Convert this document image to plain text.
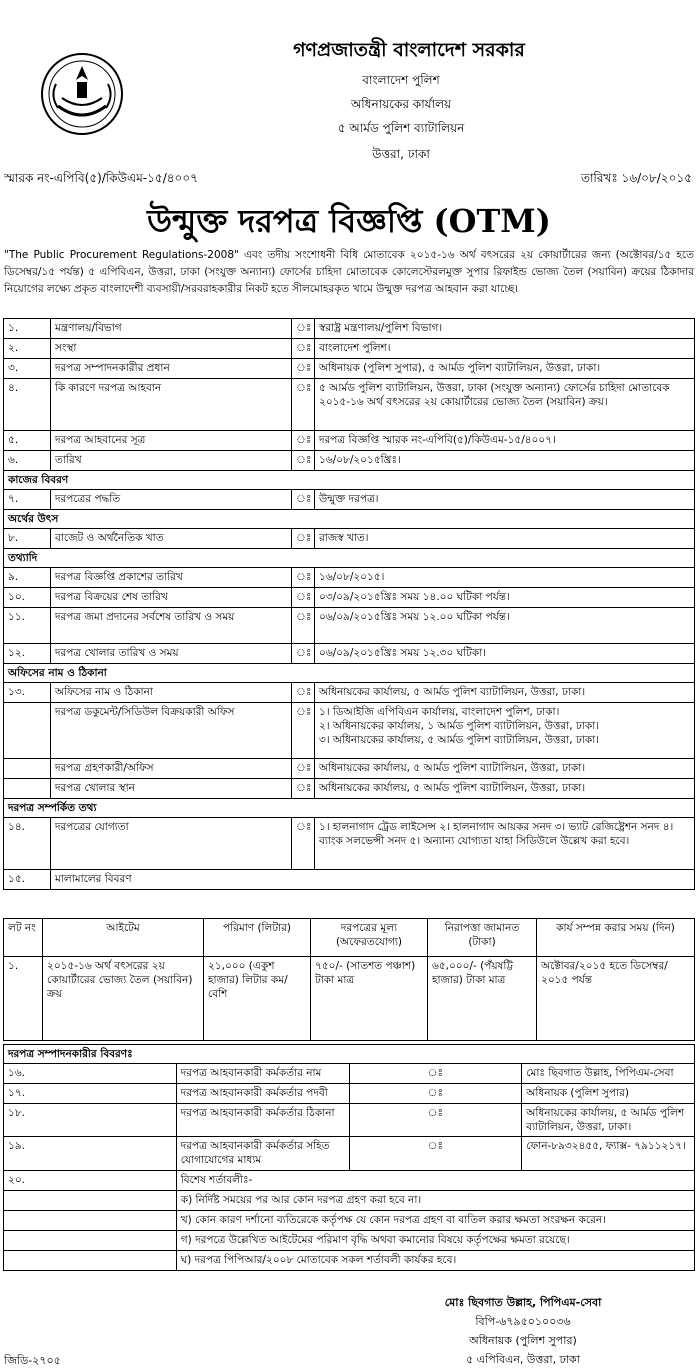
গণপ্রজাতন্ত্রী বাংলাদেশ সরকার
বাংলাদেশ পুলিশ
অধিনায়কের কার্যালয়
৫ আর্মড পুলিশ ব্যাটালিয়ন
উত্তরা, ঢাকা
স্মারক নং-এপিবি(৫)/কিউএম-১৫/৪০০৭	তারিখঃ ১৬/০৮/২০১৫
উন্মুক্ত দরপত্র বিজ্ঞপ্তি (OTM)
"The Public Procurement Regulations-2008" এবং তদীয় সংশোধনী বিধি মোতাবেক ২০১৫-১৬ অর্থ বৎসরের ২য় কোয়ার্টারের জন্য (অক্টোবর/১৫ হতে ডিসেম্বর/১৫ পর্যন্ত) ৫ এপিবিএন, উত্তরা, ঢাকা (সংযুক্ত অন্যান্য) ফোর্সের চাহিদা মোতাবেক কোলেস্টেরলমুক্ত সুপার রিফাইন্ড ভোজ্য তৈল (সয়াবিন) ক্রয়ের ঠিকাদার নিয়োগের লক্ষ্যে প্রকৃত বাংলাদেশী ব্যবসায়ী/সরবরাহকারীর নিকট হতে সীলমোহরকৃত খামে উন্মুক্ত দরপত্র আহবান করা যাচ্ছে।
১.	মন্ত্রণালয়/বিভাগ	ঃ	স্বরাষ্ট্র মন্ত্রণালয়/পুলিশ বিভাগ।
২.	সংস্থা	ঃ	বাংলাদেশ পুলিশ।
৩.	দরপত্র সম্পাদনকারীর প্রধান	ঃ	অধিনায়ক (পুলিশ সুপার), ৫ আর্মড পুলিশ ব্যাটালিয়ন, উত্তরা, ঢাকা।
৪.	কি কারণে দরপত্র আহবান	ঃ	৫ আর্মড পুলিশ ব্যাটালিয়ন, উত্তরা, ঢাকা (সংযুক্ত অন্যান্য) ফোর্সের চাহিদা মোতাবেক ২০১৫-১৬ অর্থ বৎসরের ২য় কোয়ার্টারের ভোজ্য তৈল (সয়াবিন) ক্রয়।
৫.	দরপত্র আহবানের সূত্র	ঃ	দরপত্র বিজ্ঞপ্তি স্মারক নং-এপিবি(৫)/কিউএম-১৫/৪০০৭।
৬.	তারিখ	ঃ	১৬/০৮/২০১৫খ্রিঃ।
কাজের বিবরণ			
৭.	দরপত্রের পদ্ধতি	ঃ	উন্মুক্ত দরপত্র।
অর্থের উৎস			
৮.	বাজেট ও অর্থনৈতিক খাত	ঃ	রাজস্ব খাত।
তথ্যাদি			
৯.	দরপত্র বিজ্ঞপ্তি প্রকাশের তারিখ	ঃ	১৬/০৮/২০১৫।
১০.	দরপত্র বিক্রয়ের শেষ তারিখ	ঃ	০৩/০৯/২০১৫খ্রিঃ সময় ১৪.০০ ঘটিকা পর্যন্ত।
১১.	দরপত্র জমা প্রদানের সর্বশেষ তারিখ ও সময়	ঃ	০৬/০৯/২০১৫খ্রিঃ সময় ১২.০০ ঘটিকা পর্যন্ত।
১২.	দরপত্র খোলার তারিখ ও সময়	ঃ	০৬/০৯/২০১৫খ্রিঃ সময় ১২.৩০ ঘটিকা।
অফিসের নাম ও ঠিকানা			
১৩.	অফিসের নাম ও ঠিকানা	ঃ	অধিনায়কের কার্যালয়, ৫ আর্মড পুলিশ ব্যাটালিয়ন, উত্তরা, ঢাকা।
	দরপত্র ডকুমেন্ট/সিডিউল বিক্রয়কারী অফিস	ঃ	১। ডিআইজি এপিবিএন কার্যালয়, বাংলাদেশ পুলিশ, ঢাকা।
২। অধিনায়কের কার্যালয়, ১ আর্মড পুলিশ ব্যাটালিয়ন, উত্তরা, ঢাকা।
৩। অধিনায়কের কার্যালয়, ৫ আর্মড পুলিশ ব্যাটালিয়ন, উত্তরা, ঢাকা।

	দরপত্র গ্রহণকারী/অফিস	ঃ	অধিনায়কের কার্যালয়, ৫ আর্মড পুলিশ ব্যাটালিয়ন, উত্তরা, ঢাকা।
	দরপত্র খোলার স্থান	ঃ	অধিনায়কের কার্যালয়, ৫ আর্মড পুলিশ ব্যাটালিয়ন, উত্তরা, ঢাকা।
দরপত্র সম্পর্কিত তথ্য			
১৪.	দরপত্রের যোগ্যতা	ঃ	১। হালনাগাদ ট্রেড লাইসেন্স ২। হালনাগাদ আয়কর সনদ ৩। ভ্যাট রেজিষ্ট্রেশন সনদ ৪। ব্যাংক সলভেন্সী সনদ ৫। অন্যান্য যোগ্যতা যাহা সিডিউলে উল্লেখ করা হবে।
১৫.	মালামালের বিবরণ		
লট নং	আইটেম	পরিমাণ (লিটার)	দরপত্রের মূল্য (অফেরতযোগ্য)	নিরাপত্তা জামানত (টাকা)	কার্য সম্পন্ন করার সময় (দিন)
১.	২০১৫-১৬ অর্থ বৎসরের ২য় কোয়ার্টারের ভোজ্য তৈল (সয়াবিন) ক্রয়	২১,০০০ (একুশ হাজার) লিটার কম/বেশি	৭৫০/- (সাতশত পঞ্চাশ) টাকা মাত্র	৬৫,০০০/- (পঁয়ষট্টি হাজার) টাকা মাত্র	অক্টোবর/২০১৫ হতে ডিসেম্বর/২০১৫ পর্যন্ত
দরপত্র সম্পাদনকারীর বিবরণঃ			
১৬.	দরপত্র আহবানকারী কর্মকর্তার নাম	ঃ	মোঃ ছিবগাত উল্লাহ, পিপিএম-সেবা
১৭.	দরপত্র আহবানকারী কর্মকর্তার পদবী	ঃ	অধিনায়ক (পুলিশ সুপার)
১৮.	দরপত্র আহবানকারী কর্মকর্তার ঠিকানা	ঃ	অধিনায়কের কার্যালয়, ৫ আর্মড পুলিশ ব্যাটালিয়ন, উত্তরা, ঢাকা।
১৯.	দরপত্র আহবানকারী কর্মকর্তার সহিত যোগাযোগের মাধ্যম	ঃ	ফোন-৮৯৩২৪৫৫, ফ্যাক্স- ৭৯১১২১৭।
২০.	বিশেষ শর্তাবলীঃ-		
	ক) নির্দিষ্ট সময়ের পর আর কোন দরপত্র গ্রহণ করা হবে না।		
	খ) কোন কারণ দর্শানো ব্যতিরেকে কর্তৃপক্ষ যে কোন দরপত্র গ্রহণ বা বাতিল করার ক্ষমতা সংরক্ষন করেন।		
	গ) দরপত্রে উল্লেখিত আইটেমের পরিমাণ বৃদ্ধি অথবা কমানোর বিষয়ে কর্তৃপক্ষের ক্ষমতা রয়েছে।		
	ঘ) দরপত্র পিপিআর/২০০৮ মোতাবেক সকল শর্তাবলী কার্যকর হবে।		
মোঃ ছিবগাত উল্লাহ, পিপিএম-সেবা
বিপি-৬৭৯৫০১০০৩৬
অধিনায়ক (পুলিশ সুপার)
৫ এপিবিএন, উত্তরা, ঢাকা
জিডি-২৭০৫
